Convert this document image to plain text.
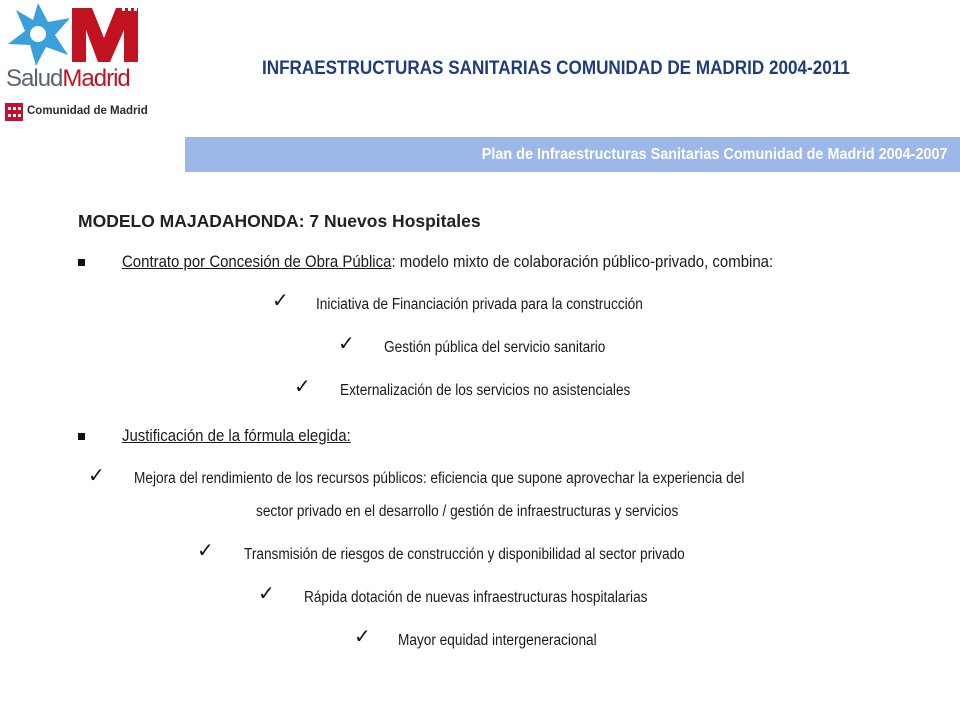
SaludMadrid
Comunidad de Madrid
INFRAESTRUCTURAS SANITARIAS COMUNIDAD DE MADRID 2004-2011
Plan de Infraestructuras Sanitarias Comunidad de Madrid 2004-2007
MODELO MAJADAHONDA: 7 Nuevos Hospitales
Contrato por Concesión de Obra Pública: modelo mixto de colaboración público-privado, combina:
✓ Iniciativa de Financiación privada para la construcción
✓ Gestión pública del servicio sanitario
✓ Externalización de los servicios no asistenciales
Justificación de la fórmula elegida:
✓ Mejora del rendimiento de los recursos públicos: eficiencia que supone aprovechar la experiencia del
sector privado en el desarrollo / gestión de infraestructuras y servicios
✓ Transmisión de riesgos de construcción y disponibilidad al sector privado
✓ Rápida dotación de nuevas infraestructuras hospitalarias
✓ Mayor equidad intergeneracional
